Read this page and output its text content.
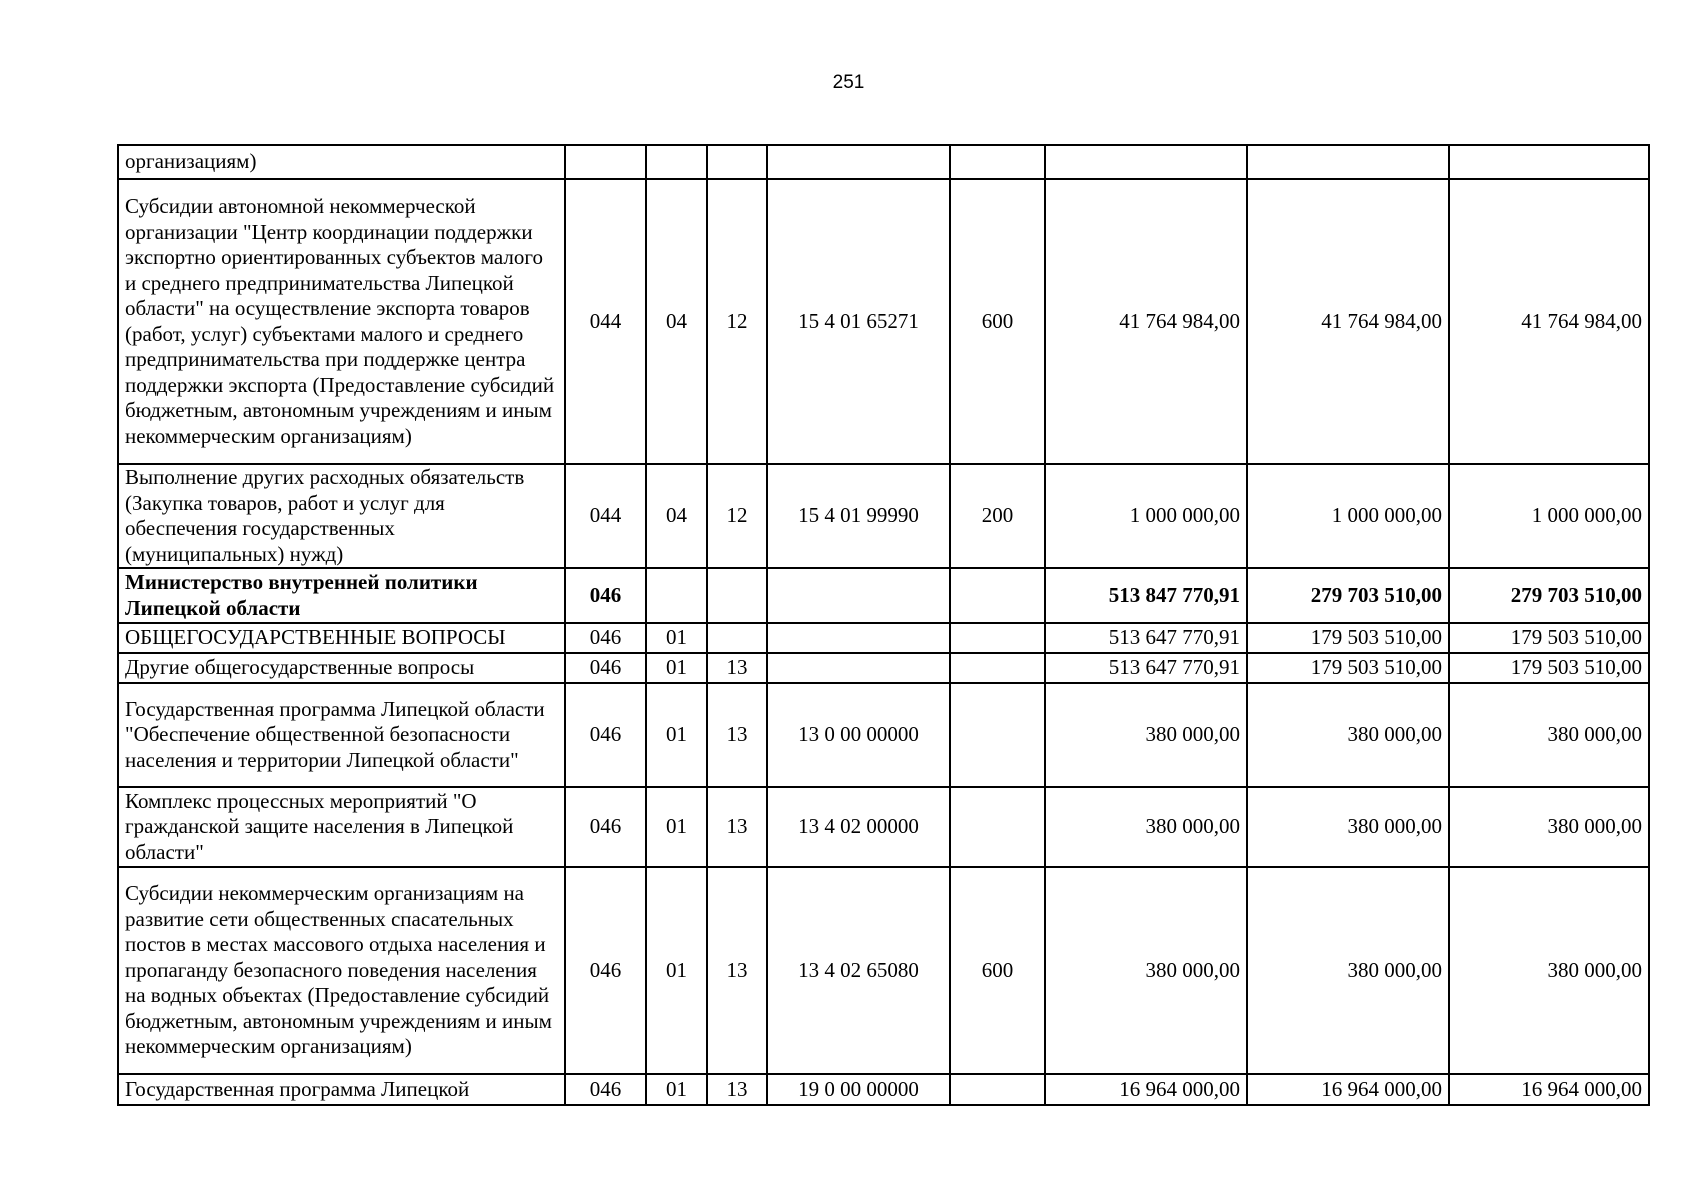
251
организациям)								
Субсидии автономной некоммерческой организации "Центр координации поддержки экспортно ориентированных субъектов малого и среднего предпринимательства Липецкой области" на осуществление экспорта товаров (работ, услуг) субъектами малого и среднего предпринимательства при поддержке центра поддержки экспорта (Предоставление субсидий бюджетным, автономным учреждениям и иным некоммерческим организациям)	044	04	12	15 4 01 65271	600	41 764 984,00	41 764 984,00	41 764 984,00
Выполнение других расходных обязательств (Закупка товаров, работ и услуг для обеспечения государственных (муниципальных) нужд)	044	04	12	15 4 01 99990	200	1 000 000,00	1 000 000,00	1 000 000,00
Министерство внутренней политики Липецкой области	046					513 847 770,91	279 703 510,00	279 703 510,00
ОБЩЕГОСУДАРСТВЕННЫЕ ВОПРОСЫ	046	01				513 647 770,91	179 503 510,00	179 503 510,00
Другие общегосударственные вопросы	046	01	13			513 647 770,91	179 503 510,00	179 503 510,00
Государственная программа Липецкой области "Обеспечение общественной безопасности населения и территории Липецкой области"	046	01	13	13 0 00 00000		380 000,00	380 000,00	380 000,00
Комплекс процессных мероприятий "О гражданской защите населения в Липецкой области"	046	01	13	13 4 02 00000		380 000,00	380 000,00	380 000,00
Субсидии некоммерческим организациям на развитие сети общественных спасательных постов в местах массового отдыха населения и пропаганду безопасного поведения населения на водных объектах (Предоставление субсидий бюджетным, автономным учреждениям и иным некоммерческим организациям)	046	01	13	13 4 02 65080	600	380 000,00	380 000,00	380 000,00
Государственная программа Липецкой	046	01	13	19 0 00 00000		16 964 000,00	16 964 000,00	16 964 000,00
